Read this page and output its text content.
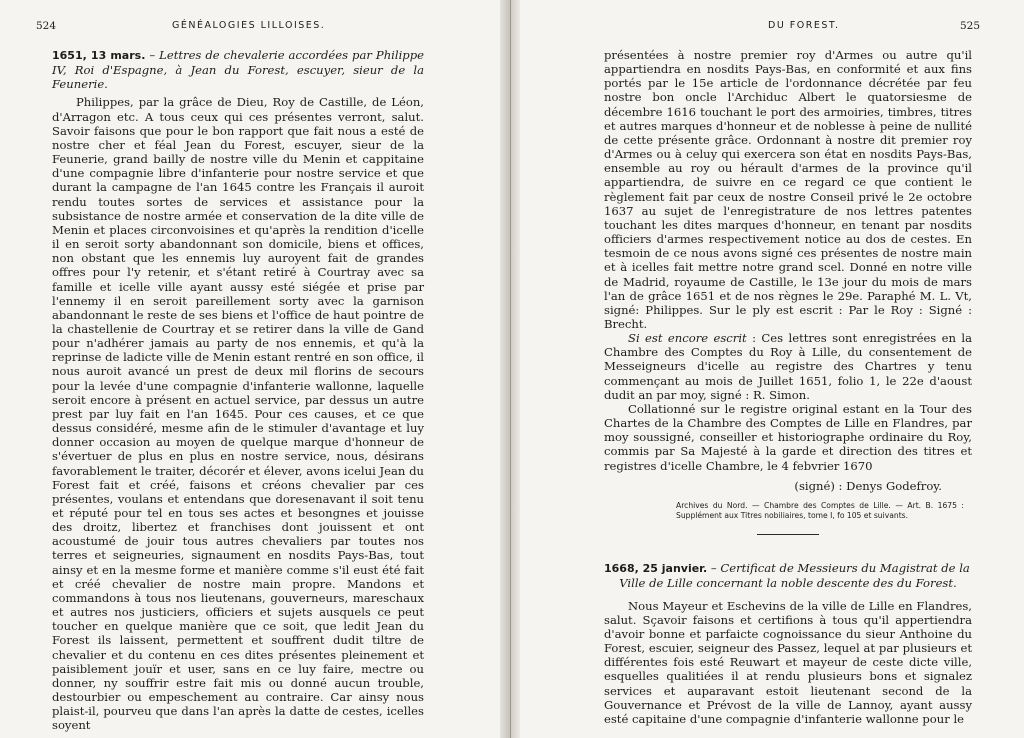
524	GÉNÉALOGIES LILLOISES.

1651, 13 mars. – Lettres de chevalerie accordées par Philippe IV, Roi d'Espagne, à Jean du Forest, escuyer, sieur de la Feunerie.

Philippes, par la grâce de Dieu, Roy de Castille, de Léon, d'Arragon etc. A tous ceux qui ces présentes verront, salut. Savoir faisons que pour le bon rapport que fait nous a esté de nostre cher et féal Jean du Forest, escuyer, sieur de la Feunerie, grand bailly de nostre ville du Menin et cappitaine d'une compagnie libre d'infanterie pour nostre service et que durant la campagne de l'an 1645 contre les Français il auroit rendu toutes sortes de services et assistance pour la subsistance de nostre armée et conservation de la dite ville de Menin et places circonvoisines et qu'après la rendition d'icelle il en seroit sorty abandonnant son domicile, biens et offices, non obstant que les ennemis luy auroyent fait de grandes offres pour l'y retenir, et s'étant retiré à Courtray avec sa famille et icelle ville ayant aussy esté siégée et prise par l'ennemy il en seroit pareillement sorty avec la garnison abandonnant le reste de ses biens et l'office de haut pointre de la chastellenie de Courtray et se retirer dans la ville de Gand pour n'adhérer jamais au party de nos ennemis, et qu'à la reprinse de ladicte ville de Menin estant rentré en son office, il nous auroit avancé un prest de deux mil florins de secours pour la levée d'une compagnie d'infanterie wallonne, laquelle seroit encore à présent en actuel service, par dessus un autre prest par luy fait en l'an 1645. Pour ces causes, et ce que dessus considéré, mesme afin de le stimuler d'avantage et luy donner occasion au moyen de quelque marque d'honneur de s'évertuer de plus en plus en nostre service, nous, désirans favorablement le traiter, décorér et élever, avons icelui Jean du Forest fait et créé, faisons et créons chevalier par ces présentes, voulans et entendans que doresenavant il soit tenu et réputé pour tel en tous ses actes et besongnes et jouisse des droitz, libertez et franchises dont jouissent et ont acoustumé de jouir tous autres chevaliers par toutes nos terres et seigneuries, signaument en nosdits Pays-Bas, tout ainsy et en la mesme forme et manière comme s'il eust été fait et créé chevalier de nostre main propre. Mandons et commandons à tous nos lieutenans, gouverneurs, mareschaux et autres nos justiciers, officiers et sujets ausquels ce peut toucher en quelque manière que ce soit, que ledit Jean du Forest ils laissent, permettent et souffrent dudit tiltre de chevalier et du contenu en ces dites présentes pleinement et paisiblement jouïr et user, sans en ce luy faire, mectre ou donner, ny souffrir estre fait mis ou donné aucun trouble, destourbier ou empeschement au contraire. Car ainsy nous plaist-il, pourveu que dans l'an après la datte de cestes, icelles soyent

DU FOREST.	525

présentées à nostre premier roy d'Armes ou autre qu'il appartiendra en nosdits Pays-Bas, en conformité et aux fins portés par le 15e article de l'ordonnance décrétée par feu nostre bon oncle l'Archiduc Albert le quatorsiesme de décembre 1616 touchant le port des armoiries, timbres, titres et autres marques d'honneur et de noblesse à peine de nullité de cette présente grâce. Ordonnant à nostre dit premier roy d'Armes ou à celuy qui exercera son état en nosdits Pays-Bas, ensemble au roy ou hérault d'armes de la province qu'il appartiendra, de suivre en ce regard ce que contient le règlement fait par ceux de nostre Conseil privé le 2e octobre 1637 au sujet de l'enregistrature de nos lettres patentes touchant les dites marques d'honneur, en tenant par nosdits officiers d'armes respectivement notice au dos de cestes. En tesmoin de ce nous avons signé ces présentes de nostre main et à icelles fait mettre notre grand scel. Donné en notre ville de Madrid, royaume de Castille, le 13e jour du mois de mars l'an de grâce 1651 et de nos règnes le 29e. Paraphé M. L. Vt, signé: Philippes. Sur le ply est escrit : Par le Roy : Signé : Brecht.

Si est encore escrit : Ces lettres sont enregistrées en la Chambre des Comptes du Roy à Lille, du consentement de Messeigneurs d'icelle au registre des Chartres y tenu commençant au mois de Juillet 1651, folio 1, le 22e d'aoust dudit an par moy, signé : R. Simon.

Collationné sur le registre original estant en la Tour des Chartes de la Chambre des Comptes de Lille en Flandres, par moy soussigné, conseiller et historiographe ordinaire du Roy, commis par Sa Majesté à la garde et direction des titres et registres d'icelle Chambre, le 4 febvrier 1670

(signé) : Denys Godefroy.

Archives du Nord. — Chambre des Comptes de Lille. — Art. B. 1675 : Supplément aux Titres nobiliaires, tome I, fo 105 et suivants.

1668, 25 janvier. – Certificat de Messieurs du Magistrat de la
Ville de Lille concernant la noble descente des du Forest.

Nous Mayeur et Eschevins de la ville de Lille en Flandres, salut. Sçavoir faisons et certifions à tous qu'il appertiendra d'avoir bonne et parfaicte cognoissance du sieur Anthoine du Forest, escuier, seigneur des Passez, lequel at par plusieurs et différentes fois esté Reuwart et mayeur de ceste dicte ville, esquelles qualitiées il at rendu plusieurs bons et signalez services et auparavant estoit lieutenant second de la Gouvernance et Prévost de la ville de Lannoy, ayant aussy esté capitaine d'une compagnie d'infanterie wallonne pour le
